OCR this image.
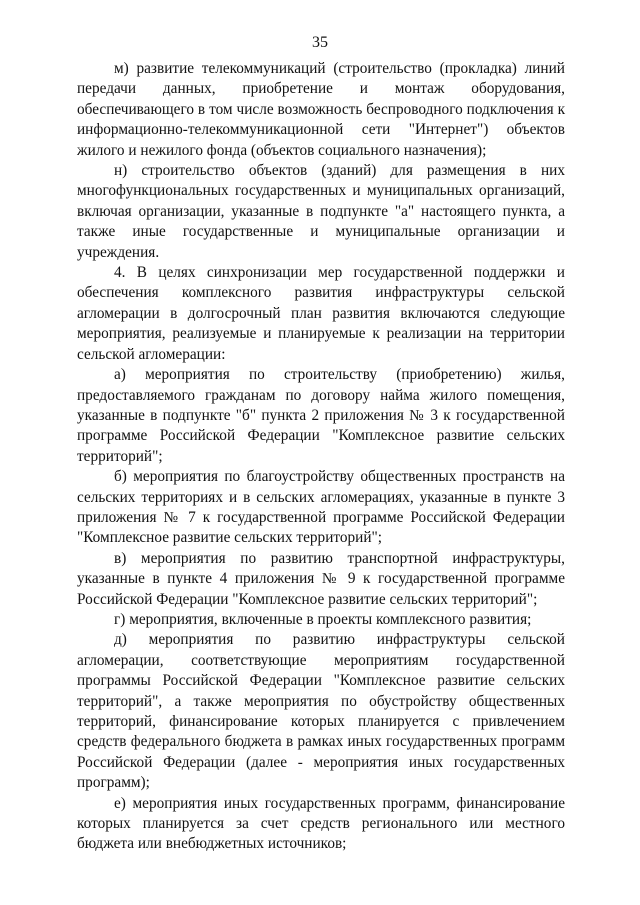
35

м) развитие телекоммуникаций (строительство (прокладка) линий передачи данных, приобретение и монтаж оборудования, обеспечивающего в том числе возможность беспроводного подключения к информационно-телекоммуникационной сети "Интернет") объектов жилого и нежилого фонда (объектов социального назначения);

н) строительство объектов (зданий) для размещения в них многофункциональных государственных и муниципальных организаций, включая организации, указанные в подпункте "а" настоящего пункта, а также иные государственные и муниципальные организации и учреждения.

4. В целях синхронизации мер государственной поддержки и обеспечения комплексного развития инфраструктуры сельской агломерации в долгосрочный план развития включаются следующие мероприятия, реализуемые и планируемые к реализации на территории сельской агломерации:

а) мероприятия по строительству (приобретению) жилья, предоставляемого гражданам по договору найма жилого помещения, указанные в подпункте "б" пункта 2 приложения № 3 к государственной программе Российской Федерации "Комплексное развитие сельских территорий";

б) мероприятия по благоустройству общественных пространств на сельских территориях и в сельских агломерациях, указанные в пункте 3 приложения № 7 к государственной программе Российской Федерации "Комплексное развитие сельских территорий";

в) мероприятия по развитию транспортной инфраструктуры, указанные в пункте 4 приложения № 9 к государственной программе Российской Федерации "Комплексное развитие сельских территорий";

г) мероприятия, включенные в проекты комплексного развития;

д) мероприятия по развитию инфраструктуры сельской агломерации, соответствующие мероприятиям государственной программы Российской Федерации "Комплексное развитие сельских территорий", а также мероприятия по обустройству общественных территорий, финансирование которых планируется с привлечением средств федерального бюджета в рамках иных государственных программ Российской Федерации (далее - мероприятия иных государственных программ);

е) мероприятия иных государственных программ, финансирование которых планируется за счет средств регионального или местного бюджета или внебюджетных источников;
